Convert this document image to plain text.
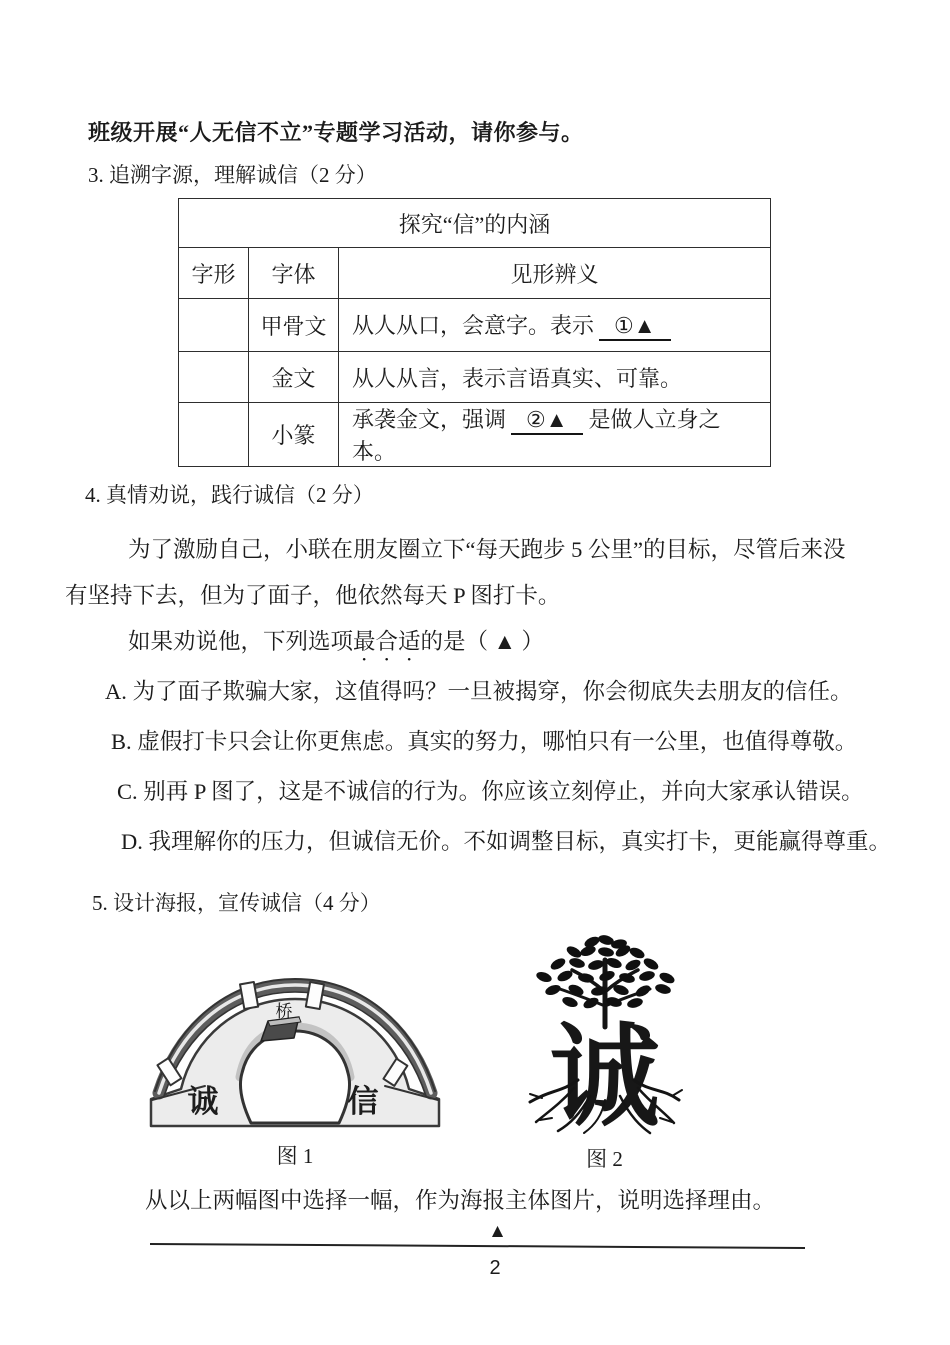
班级开展“人无信不立”专题学习活动，请你参与。
3. 追溯字源，理解诚信（2 分）
探究“信”的内涵		
字形	字体	见形辨义
	甲骨文	从人从口，会意字。表示 ①▲
	金文	从人从言，表示言语真实、可靠。
	小篆	承袭金文，强调 ②▲ 是做人立身之本。
4. 真情劝说，践行诚信（2 分）
为了激励自己，小联在朋友圈立下“每天跑步 5 公里”的目标，尽管后来没
有坚持下去，但为了面子，他依然每天 P 图打卡。
如果劝说他，下列选项最合适的是（ ▲ ）
A. 为了面子欺骗大家，这值得吗？一旦被揭穿，你会彻底失去朋友的信任。
B. 虚假打卡只会让你更焦虑。真实的努力，哪怕只有一公里，也值得尊敬。
C. 别再 P 图了，这是不诚信的行为。你应该立刻停止，并向大家承认错误。
D. 我理解你的压力，但诚信无价。不如调整目标，真实打卡，更能赢得尊重。
5. 设计海报，宣传诚信（4 分）
桥
诚	信
图 1
诚
图 2
从以上两幅图中选择一幅，作为海报主体图片，说明选择理由。
▲
2
